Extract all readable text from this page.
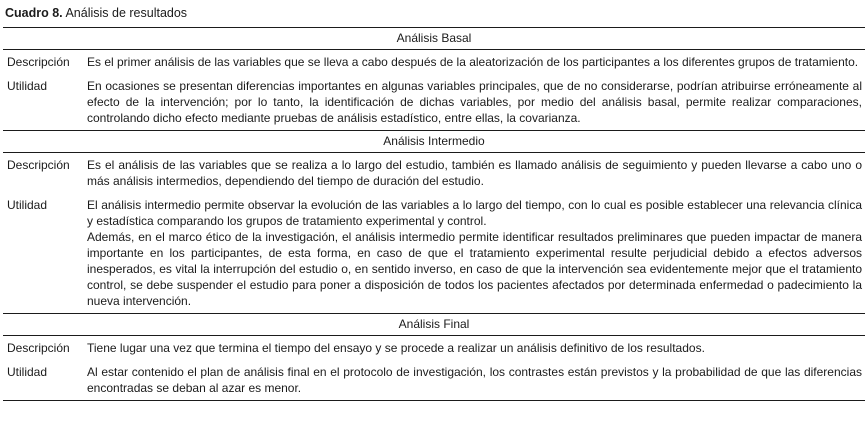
Cuadro 8. Análisis de resultados
Análisis Basal
Descripción	Es el primer análisis de las variables que se lleva a cabo después de la aleatorización de los participantes a los diferentes grupos de tratamiento.

Utilidad	En ocasiones se presentan diferencias importantes en algunas variables principales, que de no considerarse, podrían atribuirse erróneamente al efecto de la intervención; por lo tanto, la identificación de dichas variables, por medio del análisis basal, permite realizar comparaciones, controlando dicho efecto mediante pruebas de análisis estadístico, entre ellas, la covarianza.

Análisis Intermedio
Descripción	Es el análisis de las variables que se realiza a lo largo del estudio, también es llamado análisis de seguimiento y pueden llevarse a cabo uno o más análisis intermedios, dependiendo del tiempo de duración del estudio.

Utilidad	El análisis intermedio permite observar la evolución de las variables a lo largo del tiempo, con lo cual es posible establecer una relevancia clínica y estadística comparando los grupos de tratamiento experimental y control.

Además, en el marco ético de la investigación, el análisis intermedio permite identificar resultados preliminares que pueden impactar de manera importante en los participantes, de esta forma, en caso de que el tratamiento experimental resulte perjudicial debido a efectos adversos inesperados, es vital la interrupción del estudio o, en sentido inverso, en caso de que la intervención sea evidentemente mejor que el tratamiento control, se debe suspender el estudio para poner a disposición de todos los pacientes afectados por determinada enfermedad o padecimiento la nueva intervención.

Análisis Final
Descripción	Tiene lugar una vez que termina el tiempo del ensayo y se procede a realizar un análisis definitivo de los resultados.

Utilidad	Al estar contenido el plan de análisis final en el protocolo de investigación, los contrastes están previstos y la probabilidad de que las diferencias encontradas se deban al azar es menor.
